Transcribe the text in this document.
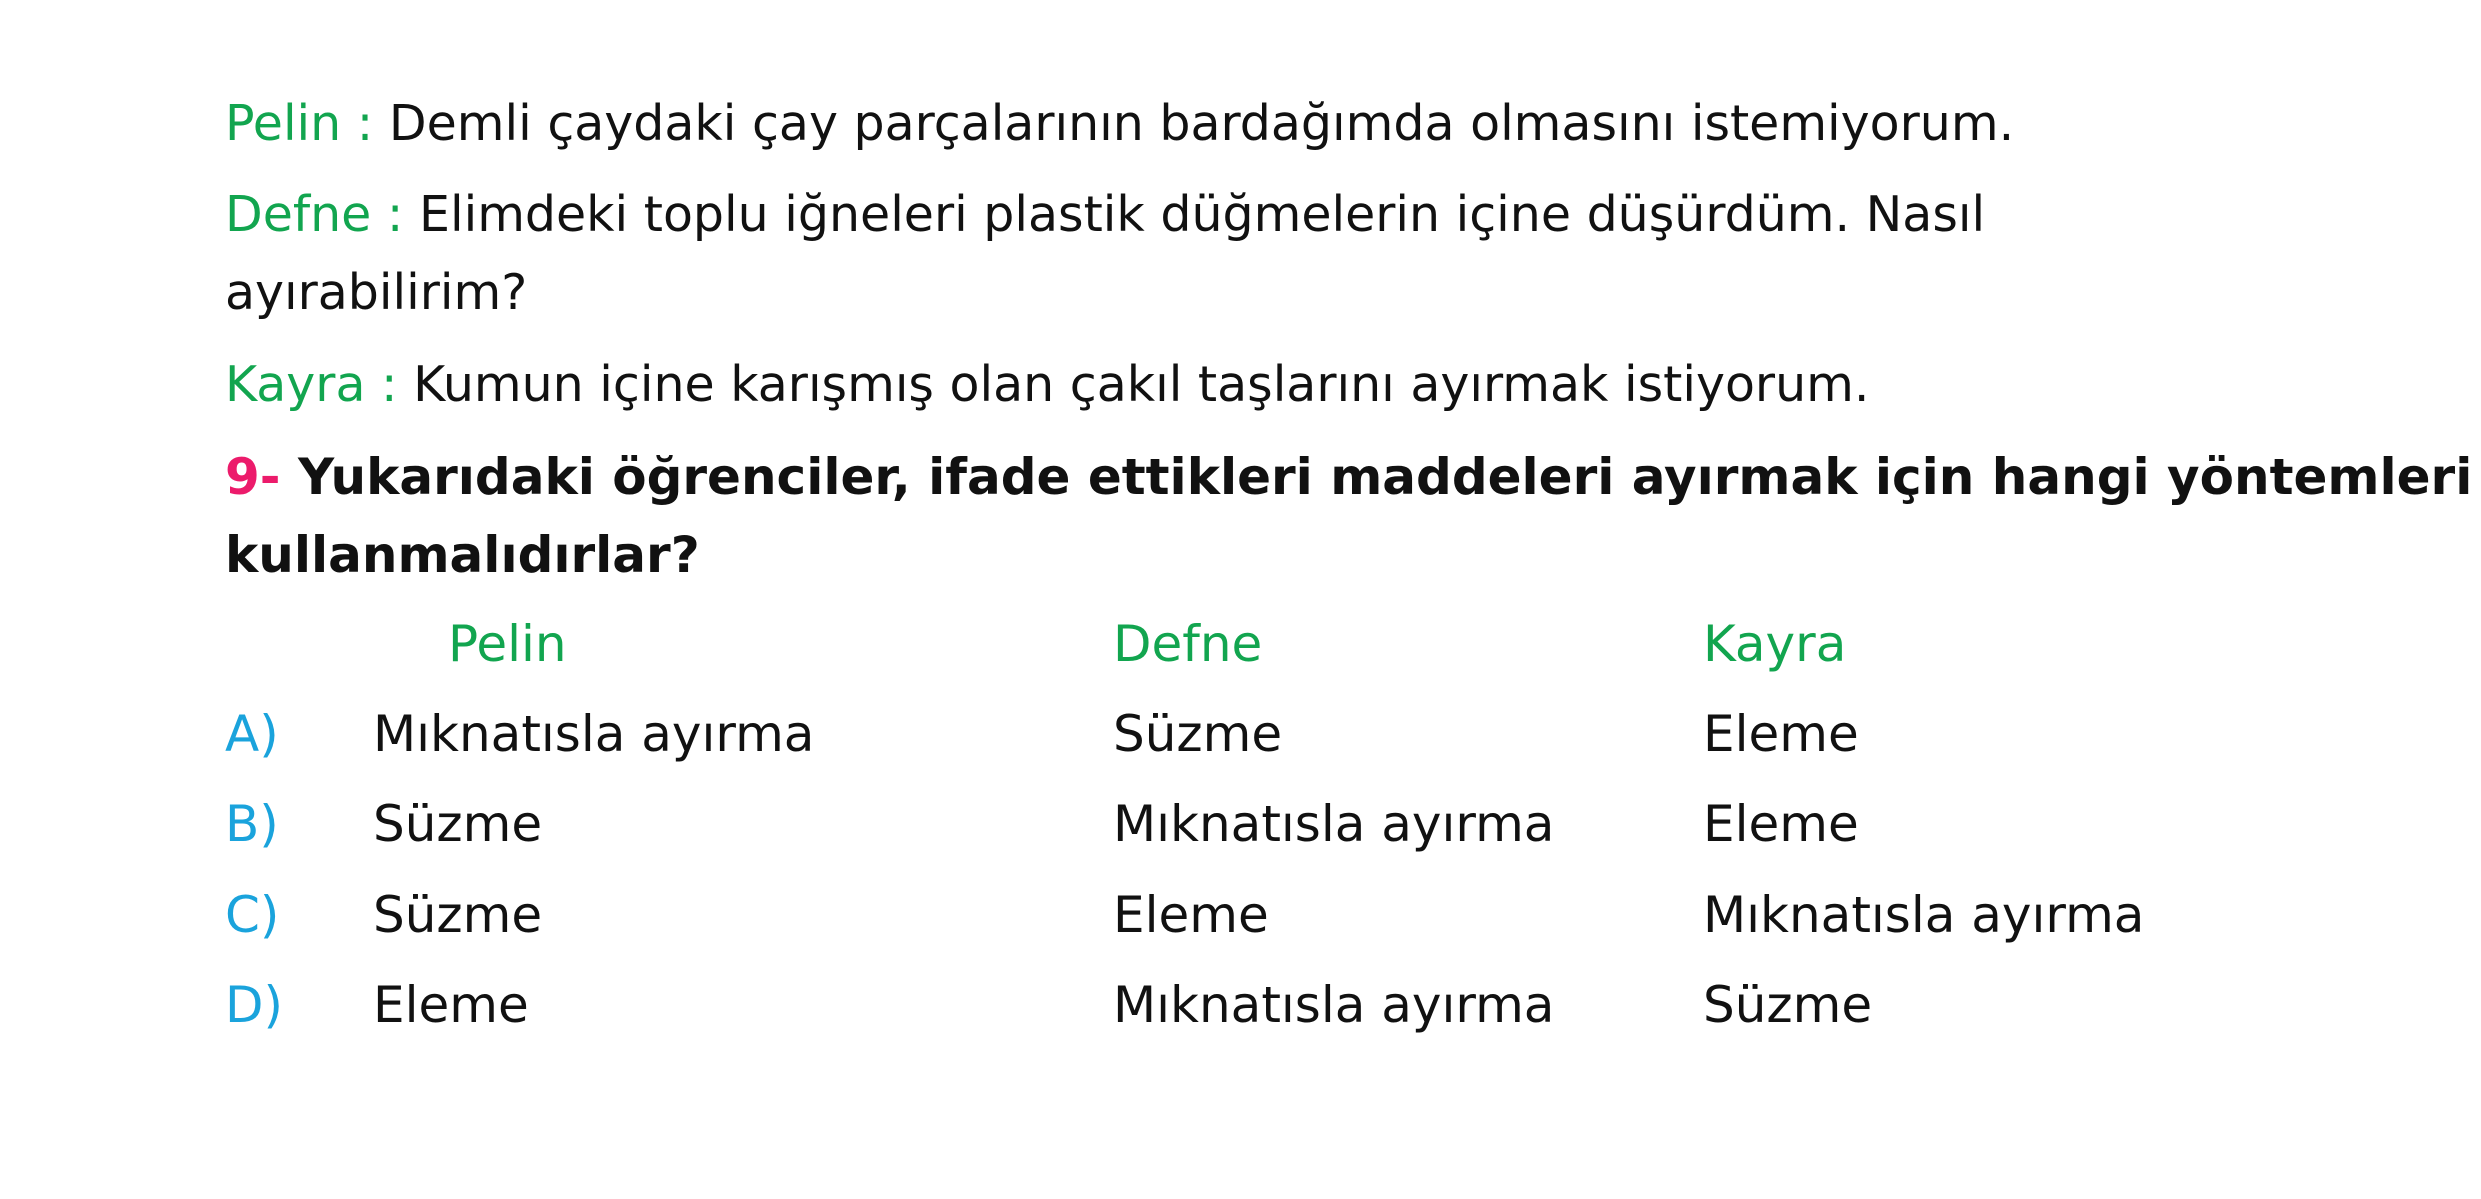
Pelin : Demli çaydaki çay parçalarının bardağımda olmasını istemiyorum.
Defne : Elimdeki toplu iğneleri plastik düğmelerin içine düşürdüm. Nasıl
ayırabilirim?
Kayra : Kumun içine karışmış olan çakıl taşlarını ayırmak istiyorum.
9- Yukarıdaki öğrenciler, ifade ettikleri maddeleri ayırmak için hangi yöntemleri
kullanmalıdırlar?
Pelin	Defne	Kayra
A) Mıknatısla ayırma	Süzme	Eleme
B) Süzme	Mıknatısla ayırma	Eleme
C) Süzme	Eleme	Mıknatısla ayırma
D) Eleme	Mıknatısla ayırma	Süzme
